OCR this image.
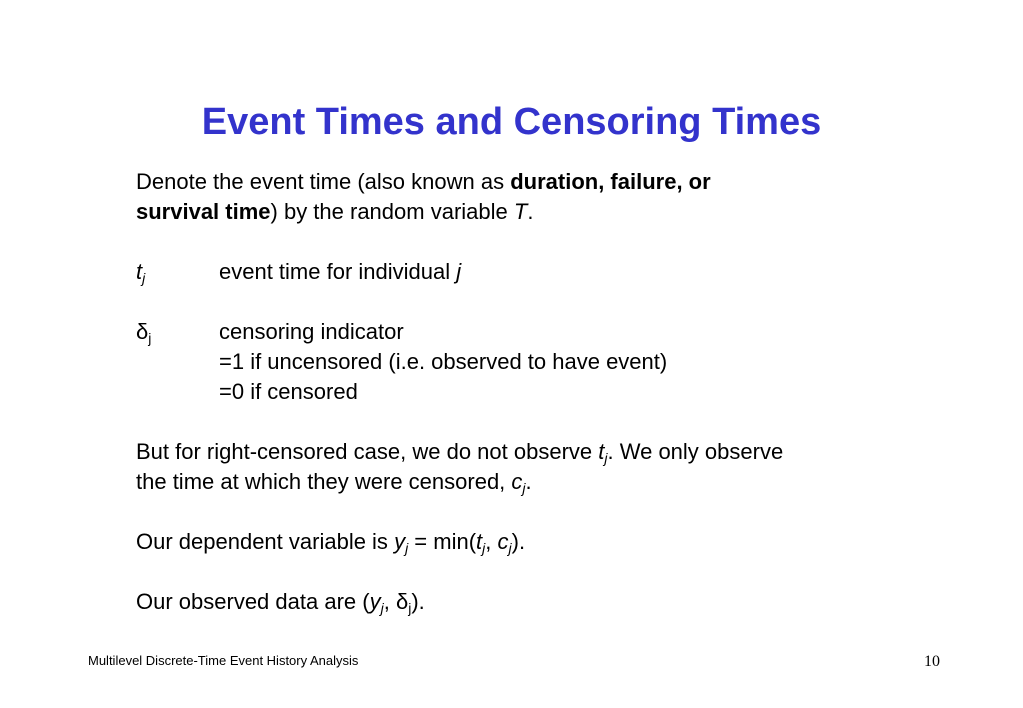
Event Times and Censoring Times
Denote the event time (also known as duration, failure, or
survival time) by the random variable T.
$t_j$	event time for individual j
$\delta_j$	censoring indicator
=1 if uncensored (i.e. observed to have event)
=0 if censored
But for right-censored case, we do not observe $t_j$. We only observe
the time at which they were censored, $c_j$.
Our dependent variable is $y_j = \min(t_j$, $c_j$).
Our observed data are ($y_j$, $\delta_j$).
Multilevel Discrete-Time Event History Analysis	10
